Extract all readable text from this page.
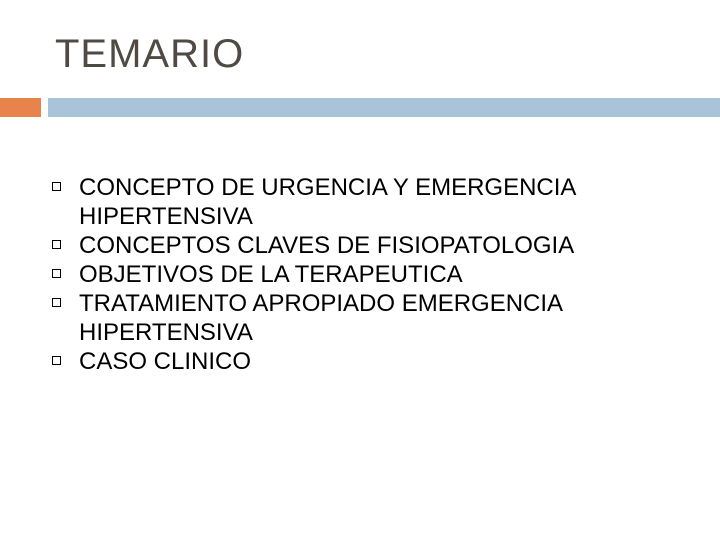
TEMARIO
CONCEPTO DE URGENCIA Y EMERGENCIA HIPERTENSIVA
CONCEPTOS CLAVES DE FISIOPATOLOGIA
OBJETIVOS DE LA TERAPEUTICA
TRATAMIENTO APROPIADO EMERGENCIA HIPERTENSIVA
CASO CLINICO
